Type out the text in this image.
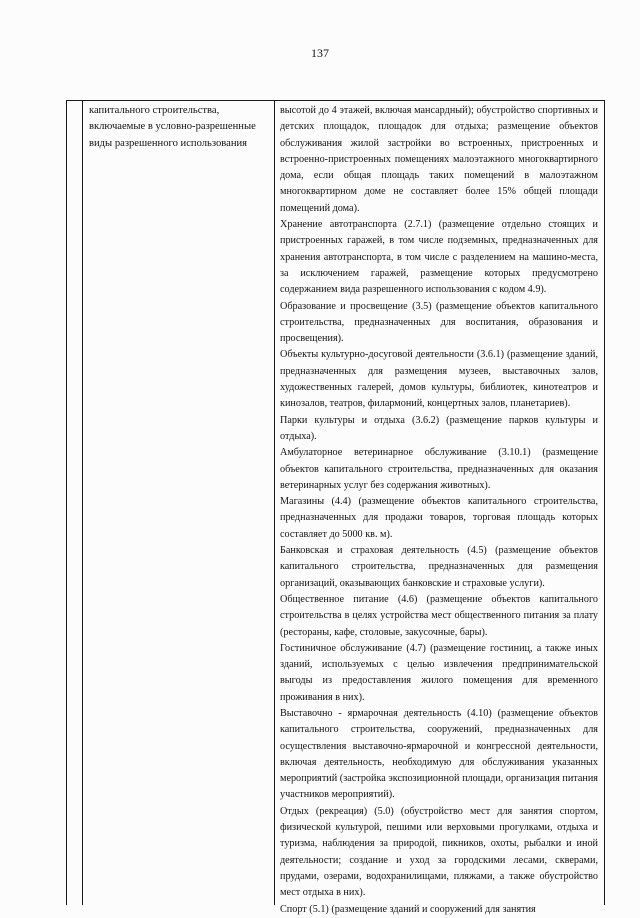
137
капитального строительства,
включаемые в условно-разрешенные
виды разрешенного использования

высотой до 4 этажей, включая мансардный); обустройство спортивных и детских площадок, площадок для отдыха; размещение объектов обслуживания жилой застройки во встроенных, пристроенных и встроенно-пристроенных помещениях малоэтажного многоквартирного дома, если общая площадь таких помещений в малоэтажном многоквартирном доме не составляет более 15% общей площади помещений дома).

Хранение автотранспорта (2.7.1) (размещение отдельно стоящих и пристроенных гаражей, в том числе подземных, предназначенных для хранения автотранспорта, в том числе с разделением на машино-места, за исключением гаражей, размещение которых предусмотрено содержанием вида разрешенного использования с кодом 4.9).

Образование и просвещение (3.5) (размещение объектов капитального строительства, предназначенных для воспитания, образования и просвещения).

Объекты культурно-досуговой деятельности (3.6.1) (размещение зданий, предназначенных для размещения музеев, выставочных залов, художественных галерей, домов культуры, библиотек, кинотеатров и кинозалов, театров, филармоний, концертных залов, планетариев).

Парки культуры и отдыха (3.6.2) (размещение парков культуры и отдыха).

Амбулаторное ветеринарное обслуживание (3.10.1) (размещение объектов капитального строительства, предназначенных для оказания ветеринарных услуг без содержания животных).

Магазины (4.4) (размещение объектов капитального строительства, предназначенных для продажи товаров, торговая площадь которых составляет до 5000 кв. м).

Банковская и страховая деятельность (4.5) (размещение объектов капитального строительства, предназначенных для размещения организаций, оказывающих банковские и страховые услуги).

Общественное питание (4.6) (размещение объектов капитального строительства в целях устройства мест общественного питания за плату (рестораны, кафе, столовые, закусочные, бары).

Гостиничное обслуживание (4.7) (размещение гостиниц, а также иных зданий, используемых с целью извлечения предпринимательской выгоды из предоставления жилого помещения для временного проживания в них).

Выставочно - ярмарочная деятельность (4.10) (размещение объектов капитального строительства, сооружений, предназначенных для осуществления выставочно-ярмарочной и конгрессной деятельности, включая деятельность, необходимую для обслуживания указанных мероприятий (застройка экспозиционной площади, организация питания участников мероприятий).

Отдых (рекреация) (5.0) (обустройство мест для занятия спортом, физической культурой, пешими или верховыми прогулками, отдыха и туризма, наблюдения за природой, пикников, охоты, рыбалки и иной деятельности; создание и уход за городскими лесами, скверами, прудами, озерами, водохранилищами, пляжами, а также обустройство мест отдыха в них).

Спорт (5.1) (размещение зданий и сооружений для занятия
